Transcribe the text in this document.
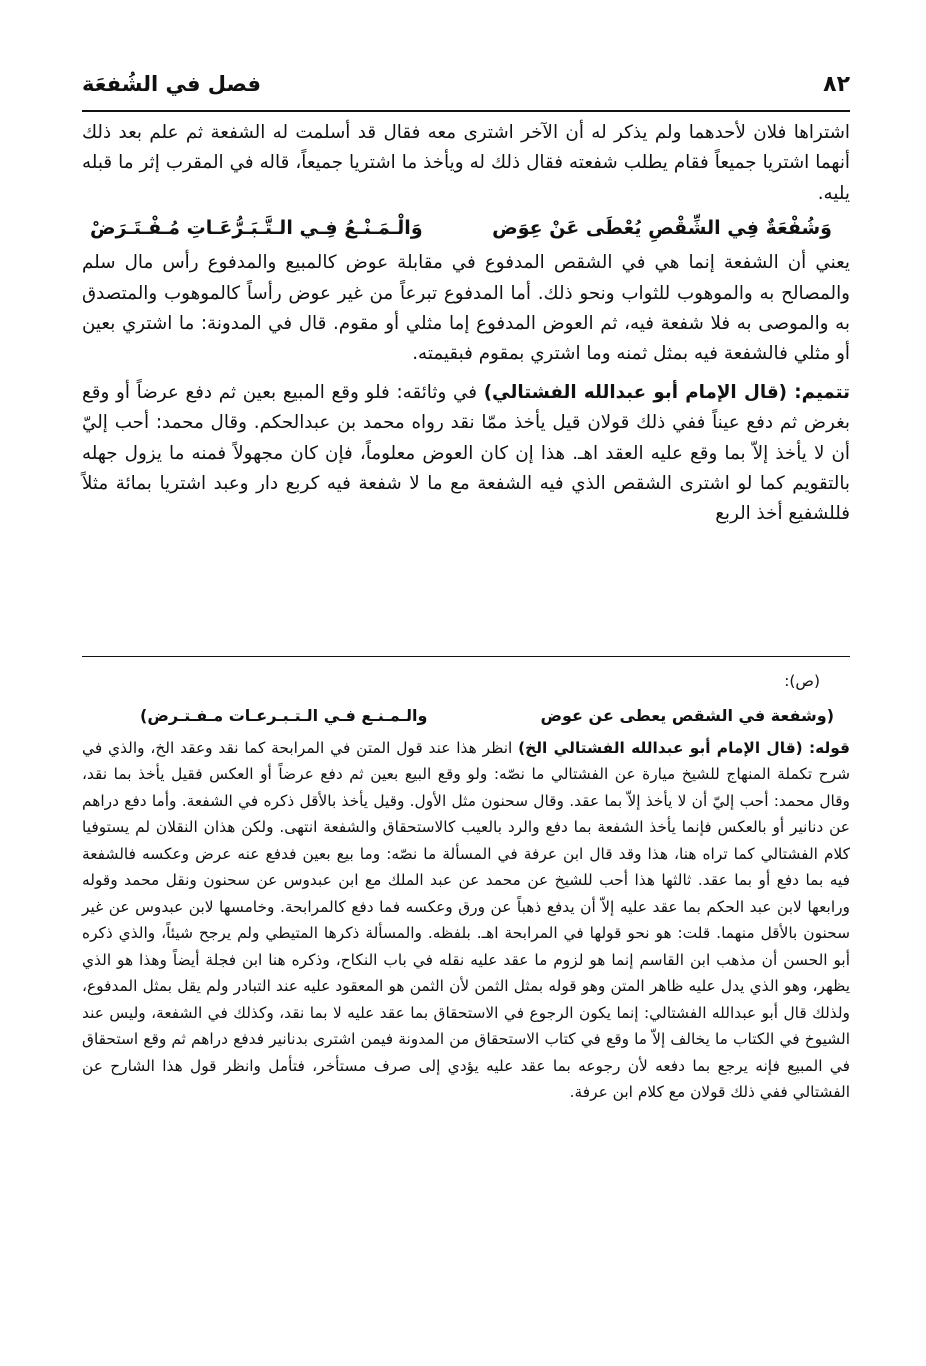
٨٢
فصل في الشُفعَة

اشتراها فلان لأحدهما ولم يذكر له أن الآخر اشترى معه فقال قد أسلمت له الشفعة ثم علم بعد ذلك أنهما اشتريا جميعاً فقام يطلب شفعته فقال ذلك له ويأخذ ما اشتريا جميعاً، قاله في المقرب إثر ما قبله يليه.

وَشُفْعَةٌ فِي الشِّقْصِ يُعْطَى عَنْ عِوَض
وَالْـمَـنْـعُ فِـي الـتَّـبَـرُّعَـاتِ مُـفْـتَـرَضْ

يعني أن الشفعة إنما هي في الشقص المدفوع في مقابلة عوض كالمبيع والمدفوع رأس مال سلم والمصالح به والموهوب للثواب ونحو ذلك. أما المدفوع تبرعاً من غير عوض رأساً كالموهوب والمتصدق به والموصى به فلا شفعة فيه، ثم العوض المدفوع إما مثلي أو مقوم. قال في المدونة: ما اشتري بعين أو مثلي فالشفعة فيه بمثل ثمنه وما اشتري بمقوم فبقيمته.

تتميم: (قال الإمام أبو عبدالله الفشتالي) في وثائقه: فلو وقع المبيع بعين ثم دفع عرضاً أو وقع بغرض ثم دفع عيناً ففي ذلك قولان قيل يأخذ ممّا نقد رواه محمد بن عبدالحكم. وقال محمد: أحب إليّ أن لا يأخذ إلاّ بما وقع عليه العقد اهـ. هذا إن كان العوض معلوماً، فإن كان مجهولاً فمنه ما يزول جهله بالتقويم كما لو اشترى الشقص الذي فيه الشفعة مع ما لا شفعة فيه كربع دار وعبد اشتريا بمائة مثلاً فللشفيع أخذ الربع

(ص):

(وشفعة في الشقص يعطى عن عوض
والـمـنـع فـي الـتـبـرعـات مـفـتـرض)

قوله: (قال الإمام أبو عبدالله الفشتالي الخ) انظر هذا عند قول المتن في المرابحة كما نقد وعقد الخ، والذي في شرح تكملة المنهاج للشيخ ميارة عن الفشتالي ما نصّه: ولو وقع البيع بعين ثم دفع عرضاً أو العكس فقيل يأخذ بما نقد، وقال محمد: أحب إليّ أن لا يأخذ إلاّ بما عقد. وقال سحنون مثل الأول. وقيل يأخذ بالأقل ذكره في الشفعة. وأما دفع دراهم عن دنانير أو بالعكس فإنما يأخذ الشفعة بما دفع والرد بالعيب كالاستحقاق والشفعة انتهى. ولكن هذان النقلان لم يستوفيا كلام الفشتالي كما تراه هنا، هذا وقد قال ابن عرفة في المسألة ما نصّه: وما بيع بعين فدفع عنه عرض وعكسه فالشفعة فيه بما دفع أو بما عقد. ثالثها هذا أحب للشيخ عن محمد عن عبد الملك مع ابن عبدوس عن سحنون ونقل محمد وقوله ورابعها لابن عبد الحكم بما عقد عليه إلاّ أن يدفع ذهباً عن ورق وعكسه فما دفع كالمرابحة. وخامسها لابن عبدوس عن غير سحنون بالأقل منهما. قلت: هو نحو قولها في المرابحة اهـ. بلفظه. والمسألة ذكرها المتيطي ولم يرجح شيئاً، والذي ذكره أبو الحسن أن مذهب ابن القاسم إنما هو لزوم ما عقد عليه نقله في باب النكاح، وذكره هنا ابن فجلة أيضاً وهذا هو الذي يظهر، وهو الذي يدل عليه ظاهر المتن وهو قوله بمثل الثمن لأن الثمن هو المعقود عليه عند التبادر ولم يقل بمثل المدفوع، ولذلك قال أبو عبدالله الفشتالي: إنما يكون الرجوع في الاستحقاق بما عقد عليه لا بما نقد، وكذلك في الشفعة، وليس عند الشيوخ في الكتاب ما يخالف إلاّ ما وقع في كتاب الاستحقاق من المدونة فيمن اشترى بدنانير فدفع دراهم ثم وقع استحقاق في المبيع فإنه يرجع بما دفعه لأن رجوعه بما عقد عليه يؤدي إلى صرف مستأخر، فتأمل وانظر قول هذا الشارح عن الفشتالي ففي ذلك قولان مع كلام ابن عرفة.
